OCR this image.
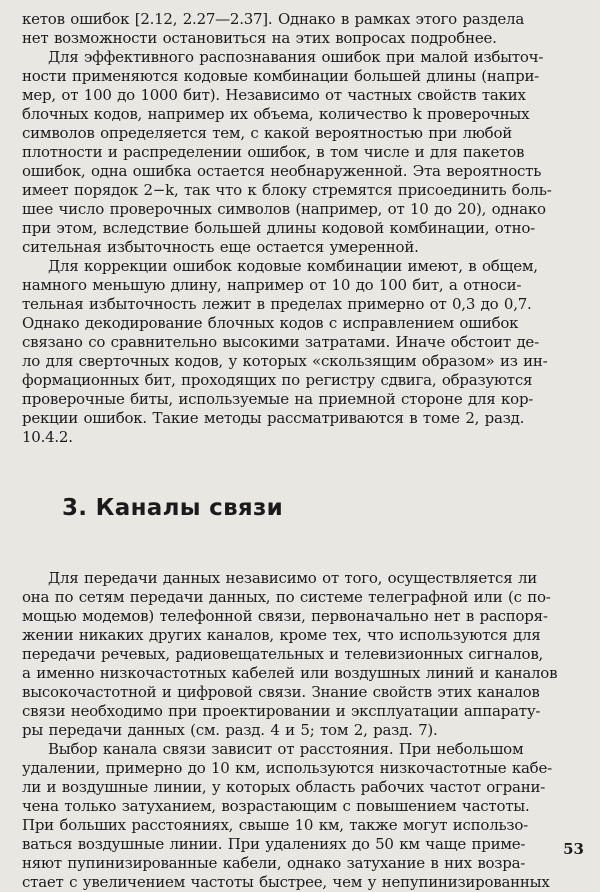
кетов ошибок [2.12, 2.27—2.37]. Однако в рамках этого раздела
нет возможности остановиться на этих вопросах подробнее.
Для эффективного распознавания ошибок при малой избыточ-
ности применяются кодовые комбинации большей длины (напри-
мер, от 100 до 1000 бит). Независимо от частных свойств таких
блочных кодов, например их объема, количество k проверочных
символов определяется тем, с какой вероятностью при любой
плотности и распределении ошибок, в том числе и для пакетов
ошибок, одна ошибка остается необнаруженной. Эта вероятность
имеет порядок 2−k, так что к блоку стремятся присоединить боль-
шее число проверочных символов (например, от 10 до 20), однако
при этом, вследствие большей длины кодовой комбинации, отно-
сительная избыточность еще остается умеренной.
Для коррекции ошибок кодовые комбинации имеют, в общем,
намного меньшую длину, например от 10 до 100 бит, а относи-
тельная избыточность лежит в пределах примерно от 0,3 до 0,7.
Однако декодирование блочных кодов с исправлением ошибок
связано со сравнительно высокими затратами. Иначе обстоит де-
ло для сверточных кодов, у которых «скользящим образом» из ин-
формационных бит, проходящих по регистру сдвига, образуются
проверочные биты, используемые на приемной стороне для кор-
рекции ошибок. Такие методы рассматриваются в томе 2, разд.
10.4.2.
3. Каналы связи
Для передачи данных независимо от того, осуществляется ли
она по сетям передачи данных, по системе телеграфной или (с по-
мощью модемов) телефонной связи, первоначально нет в распоря-
жении никаких других каналов, кроме тех, что используются для
передачи речевых, радиовещательных и телевизионных сигналов,
а именно низкочастотных кабелей или воздушных линий и каналов
высокочастотной и цифровой связи. Знание свойств этих каналов
связи необходимо при проектировании и эксплуатации аппарату-
ры передачи данных (см. разд. 4 и 5; том 2, разд. 7).
Выбор канала связи зависит от расстояния. При небольшом
удалении, примерно до 10 км, используются низкочастотные кабе-
ли и воздушные линии, у которых область рабочих частот ограни-
чена только затуханием, возрастающим с повышением частоты.
При больших расстояниях, свыше 10 км, также могут использо-
ваться воздушные линии. При удалениях до 50 км чаще приме-
няют пупинизированные кабели, однако затухание в них возра-
стает с увеличением частоты быстрее, чем у непупинизированных
53
